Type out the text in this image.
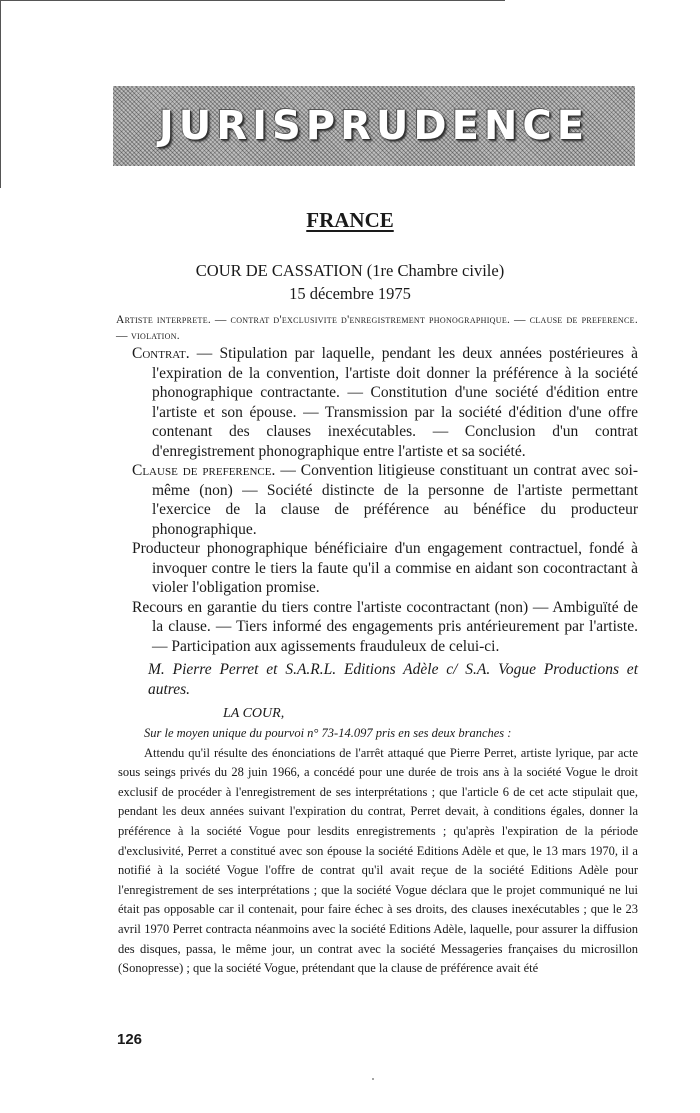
JURISPRUDENCE
FRANCE
COUR DE CASSATION (1re Chambre civile)
15 décembre 1975

Artiste interprete. — contrat d'exclusivite d'enregistrement phonographique. — clause de preference. — violation.

Contrat. — Stipulation par laquelle, pendant les deux années postérieures à l'expiration de la convention, l'artiste doit donner la préférence à la société phonographique contractante. — Constitution d'une société d'édition entre l'artiste et son épouse. — Transmission par la société d'édition d'une offre contenant des clauses inexécutables. — Conclusion d'un contrat d'enregistrement phonographique entre l'artiste et sa société.

Clause de preference. — Convention litigieuse constituant un contrat avec soi-même (non) — Société distincte de la personne de l'artiste permettant l'exercice de la clause de préférence au bénéfice du producteur phonographique.

Producteur phonographique bénéficiaire d'un engagement contractuel, fondé à invoquer contre le tiers la faute qu'il a commise en aidant son cocontractant à violer l'obligation promise.

Recours en garantie du tiers contre l'artiste cocontractant (non) — Ambiguïté de la clause. — Tiers informé des engagements pris antérieurement par l'artiste. — Participation aux agissements frauduleux de celui-ci.

M. Pierre Perret et S.A.R.L. Editions Adèle c/ S.A. Vogue Productions et autres.

LA COUR,

Sur le moyen unique du pourvoi n° 73-14.097 pris en ses deux branches :

Attendu qu'il résulte des énonciations de l'arrêt attaqué que Pierre Perret, artiste lyrique, par acte sous seings privés du 28 juin 1966, a concédé pour une durée de trois ans à la société Vogue le droit exclusif de procéder à l'enregistrement de ses interprétations ; que l'article 6 de cet acte stipulait que, pendant les deux années suivant l'expiration du contrat, Perret devait, à conditions égales, donner la préférence à la société Vogue pour lesdits enregistrements ; qu'après l'expiration de la période d'exclusivité, Perret a constitué avec son épouse la société Editions Adèle et que, le 13 mars 1970, il a notifié à la société Vogue l'offre de contrat qu'il avait reçue de la société Editions Adèle pour l'enregistrement de ses interprétations ; que la société Vogue déclara que le projet communiqué ne lui était pas opposable car il contenait, pour faire échec à ses droits, des clauses inexécutables ; que le 23 avril 1970 Perret contracta néanmoins avec la société Editions Adèle, laquelle, pour assurer la diffusion des disques, passa, le même jour, un contrat avec la société Messageries françaises du microsillon (Sonopresse) ; que la société Vogue, prétendant que la clause de préférence avait été

126
